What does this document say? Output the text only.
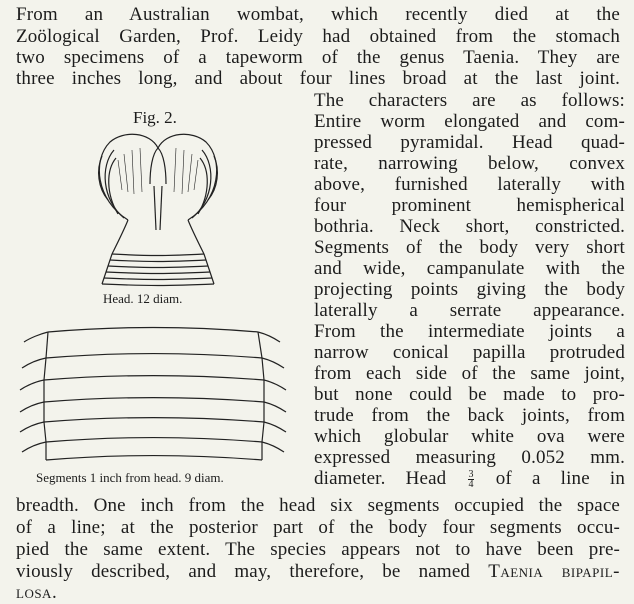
From an Australian wombat, which recently died at the
Zoölogical Garden, Prof. Leidy had obtained from the stomach
two specimens of a tapeworm of the genus Taenia. They are
three inches long, and about four lines broad at the last joint.
The characters are as follows:
Entire worm elongated and com-
pressed pyramidal. Head quad-
rate, narrowing below, convex
above, furnished laterally with
four prominent hemispherical
bothria. Neck short, constricted.
Segments of the body very short
and wide, campanulate with the
projecting points giving the body
laterally a serrate appearance.
From the intermediate joints a
narrow conical papilla protruded
from each side of the same joint,
but none could be made to pro-
trude from the back joints, from
which globular white ova were
expressed measuring 0.052 mm.
diameter. Head $\frac{3}{4}$ of a line in
breadth. One inch from the head six segments occupied the space
of a line; at the posterior part of the body four segments occu-
pied the same extent. The species appears not to have been pre-
viously described, and may, therefore, be named Taenia bipapil-
losa.
Fig. 2.
Head. 12 diam.
Segments 1 inch from head. 9 diam.
